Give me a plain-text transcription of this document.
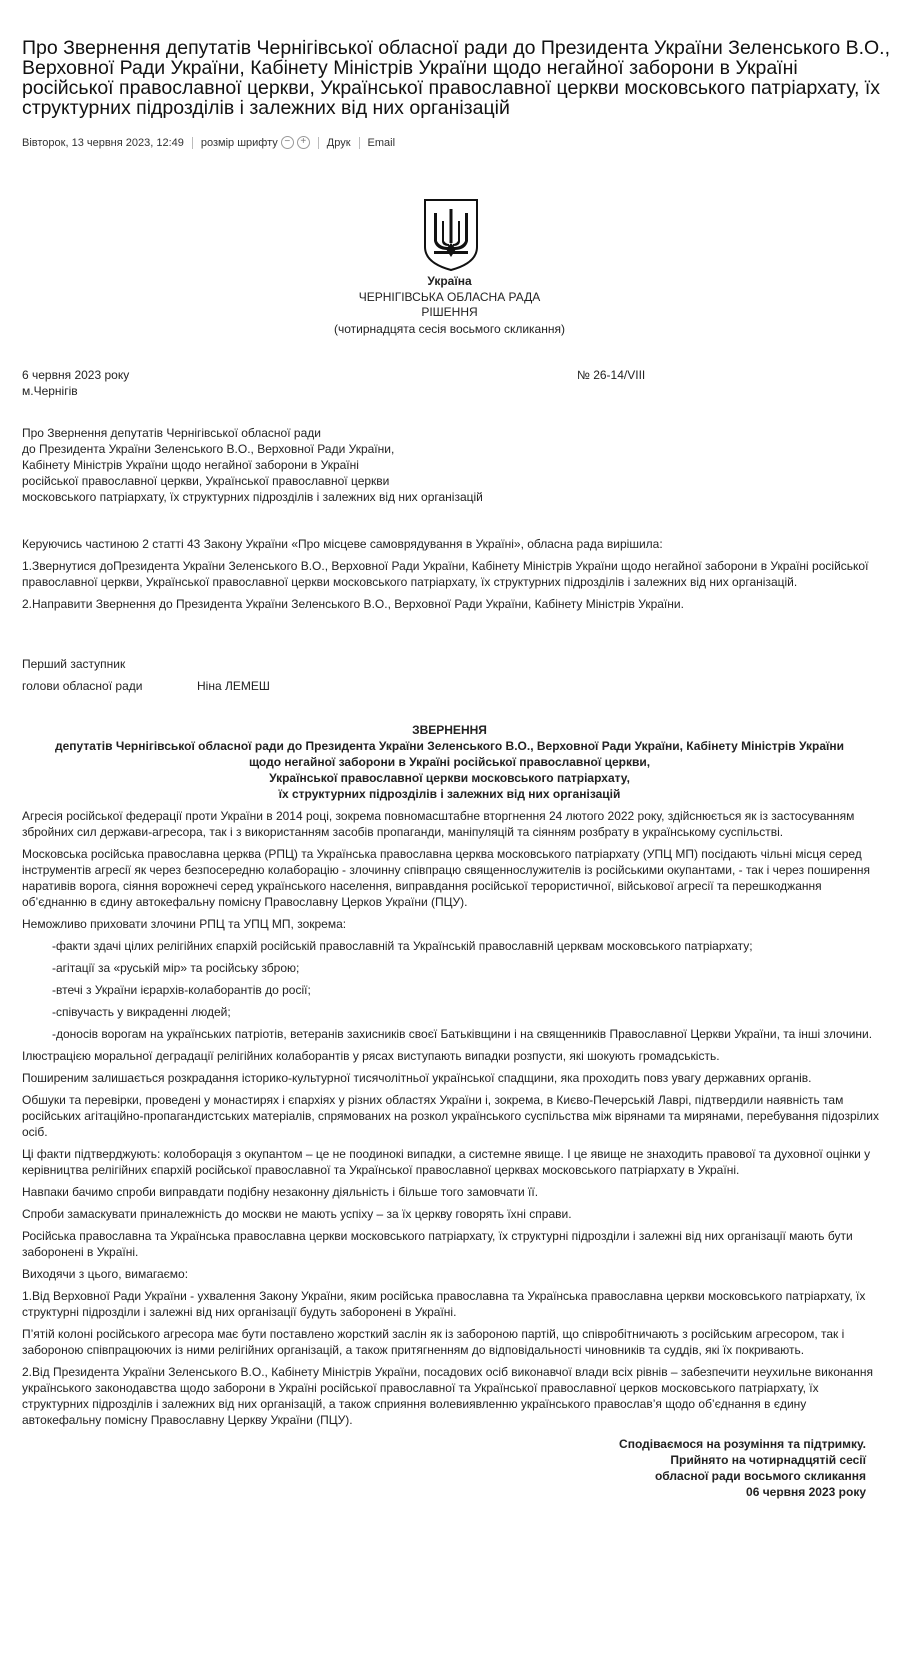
Про Звернення депутатів Чернігівської обласної ради до Президента України Зеленського В.О., Верховної Ради України, Кабінету Міністрів України щодо негайної заборони в Україні російської православної церкви, Української православної церкви московського патріархату, їх структурних підрозділів і залежних від них організацій
Вівторок, 13 червня 2023, 12:49 розмір шрифту −	+	Друк Email
Україна
ЧЕРНІГІВСЬКА ОБЛАСНА РАДА
РІШЕННЯ
(чотирнадцята сесія восьмого скликання)
6 червня 2023 року	№ 26-14/VIII
м.Чернігів
Про Звернення депутатів Чернігівської обласної ради
до Президента України Зеленського В.О., Верховної Ради України,
Кабінету Міністрів України щодо негайної заборони в Україні
російської православної церкви, Української православної церкви
московського патріархату, їх структурних підрозділів і залежних від них організацій

Керуючись частиною 2 статті 43 Закону України «Про місцеве самоврядування в Україні», обласна рада вирішила:

1.Звернутися доПрезидента України Зеленського В.О., Верховної Ради України, Кабінету Міністрів України щодо негайної заборони в Україні російської православної церкви, Української православної церкви московського патріархату, їх структурних підрозділів і залежних від них організацій.

2.Направити Звернення до Президента України Зеленського В.О., Верховної Ради України, Кабінету Міністрів України.

Перший заступник
голови обласної ради	Ніна ЛЕМЕШ
ЗВЕРНЕННЯ
депутатів Чернігівської обласної ради до Президента України Зеленського В.О., Верховної Ради України, Кабінету Міністрів України
щодо негайної заборони в Україні російської православної церкви,
Української православної церкви московського патріархату,
їх структурних підрозділів і залежних від них організацій

Агресія російської федерації проти України в 2014 році, зокрема повномасштабне вторгнення 24 лютого 2022 року, здійснюється як із застосуванням збройних сил держави-агресора, так і з використанням засобів пропаганди, маніпуляцій та сіянням розбрату в українському суспільстві.

Московська російська православна церква (РПЦ) та Українська православна церква московського патріархату (УПЦ МП) посідають чільні місця серед інструментів агресії як через безпосередню колаборацію - злочинну співпрацю священнослужителів із російськими окупантами, - так і через поширення наративів ворога, сіяння ворожнечі серед українського населення, виправдання російської терористичної, військової агресії та перешкоджання об’єднанню в єдину автокефальну помісну Православну Церков України (ПЦУ).

Неможливо приховати злочини РПЦ та УПЦ МП, зокрема:

-факти здачі цілих релігійних єпархій російській православній та Українській православній церквам московського патріархату;

-агітації за «руській мір» та російську зброю;

-втечі з України ієрархів-колаборантів до росії;

-співучасть у викраденні людей;

-доносів ворогам на українських патріотів, ветеранів захисників своєї Батьківщини і на священників Православної Церкви України, та інші злочини.

Ілюстрацією моральної деградації релігійних колаборантів у рясах виступають випадки розпусти, які шокують громадськість.

Поширеним залишається розкрадання історико-культурної тисячолітньої української спадщини, яка проходить повз увагу державних органів.

Обшуки та перевірки, проведені у монастирях і єпархіях у різних областях України і, зокрема, в Києво-Печерській Лаврі, підтвердили наявність там російських агітаційно-пропагандистських матеріалів, спрямованих на розкол українського суспільства між вірянами та мирянами, перебування підозрілих осіб.

Ці факти підтверджують: колоборація з окупантом – це не поодинокі випадки, а системне явище. І це явище не знаходить правової та духовної оцінки у керівництва релігійних єпархій російської православної та Української православної церквах московського патріархату в Україні.

Навпаки бачимо спроби виправдати подібну незаконну діяльність і більше того замовчати її.

Спроби замаскувати приналежність до москви не мають успіху – за їх церкву говорять їхні справи.

Російська православна та Українська православна церкви московського патріархату, їх структурні підрозділи і залежні від них організації мають бути заборонені в Україні.

Виходячи з цього, вимагаємо:

1.Від Верховної Ради України - ухвалення Закону України, яким російська православна та Українська православна церкви московського патріархату, їх структурні підрозділи і залежні від них організації будуть заборонені в Україні.

П’ятій колоні російського агресора має бути поставлено жорсткий заслін як із забороною партій, що співробітничають з російським агресором, так і забороною співпрацюючих із ними релігійних організацій, а також притягненням до відповідальності чиновників та суддів, які їх покривають.

2.Від Президента України Зеленського В.О., Кабінету Міністрів України, посадових осіб виконавчої влади всіх рівнів – забезпечити неухильне виконання українського законодавства щодо заборони в Україні російської православної та Української православної церков московського патріархату, їх структурних підрозділів і залежних від них організацій, а також сприяння волевиявленню українського православ’я щодо об’єднання в єдину автокефальну помісну Православну Церкву України (ПЦУ).

Сподіваємося на розуміння та підтримку.
Прийнято на чотирнадцятій сесії
обласної ради восьмого скликання
06 червня 2023 року
